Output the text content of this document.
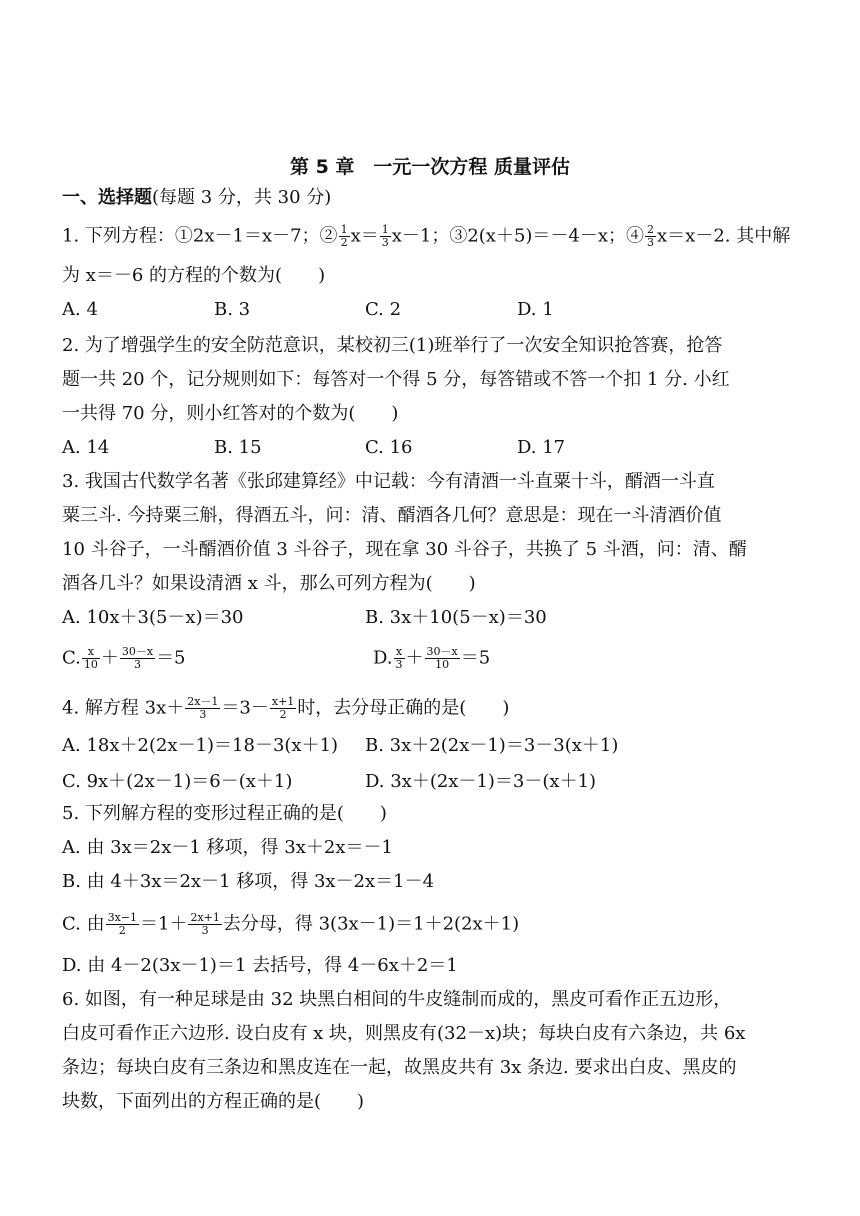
第 5 章　一元一次方程 质量评估
一、选择题(每题 3 分，共 30 分)
1. 下列方程：①2x－1＝x－7；② $\frac{1}{2} x= \frac{1}{3} x-1$；③2(x＋5)＝－4－x；④ $\frac{2}{3} x=x-2$. 其中解
为 x＝－6 的方程的个数为(　　)
A. 4	B. 3	C. 2	D. 1
2. 为了增强学生的安全防范意识，某校初三(1)班举行了一次安全知识抢答赛，抢答
题一共 20 个，记分规则如下：每答对一个得 5 分，每答错或不答一个扣 1 分. 小红
一共得 70 分，则小红答对的个数为(　　)
A. 14	B. 15	C. 16	D. 17
3. 我国古代数学名著《张邱建算经》中记载：今有清酒一斗直粟十斗，醑酒一斗直
粟三斗. 今持粟三斛，得酒五斗，问：清、醑酒各几何？意思是：现在一斗清酒价值
10 斗谷子，一斗醑酒价值 3 斗谷子，现在拿 30 斗谷子，共换了 5 斗酒，问：清、醑
酒各几斗？如果设清酒 x 斗，那么可列方程为(　　)
A. 10x＋3(5－x)＝30	B. 3x＋10(5－x)＝30
C. $\frac{x}{10} + \frac{30-x}{3} =5$	D. $\frac{x}{3} + \frac{30-x}{10} =5$
4. 解方程 $3x+ \frac{2x-1}{3} =3- \frac{x+1}{2}$ 时，去分母正确的是(　　)
A. 18x＋2(2x－1)＝18－3(x＋1) B. 3x＋2(2x－1)＝3－3(x＋1)
C. 9x＋(2x－1)＝6－(x＋1)	D. 3x＋(2x－1)＝3－(x＋1)
5. 下列解方程的变形过程正确的是(　　)
A. 由 3x＝2x－1 移项，得 3x＋2x＝－1
B. 由 4＋3x＝2x－1 移项，得 3x－2x＝1－4
C. 由 $\frac{3x-1}{2} =1+ \frac{2x+1}{3}$ 去分母，得 3(3x－1)＝1＋2(2x＋1)
D. 由 4－2(3x－1)＝1 去括号，得 4－6x＋2＝1
6. 如图，有一种足球是由 32 块黑白相间的牛皮缝制而成的，黑皮可看作正五边形，
白皮可看作正六边形. 设白皮有 x 块，则黑皮有(32－x)块；每块白皮有六条边，共 6x
条边；每块白皮有三条边和黑皮连在一起，故黑皮共有 3x 条边. 要求出白皮、黑皮的
块数，下面列出的方程正确的是(　　)
